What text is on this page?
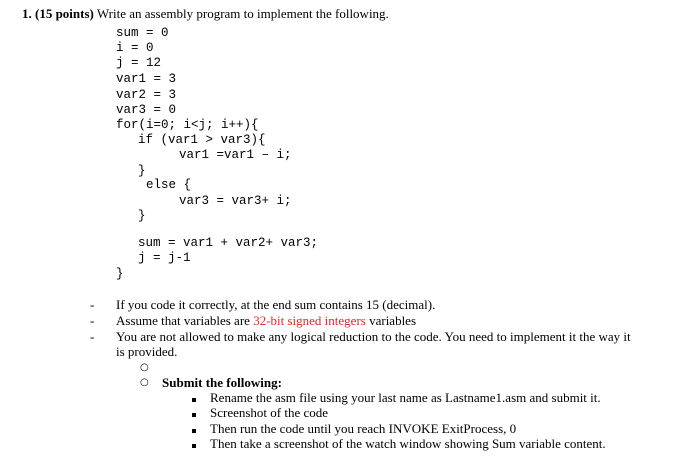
1. (15 points) Write an assembly program to implement the following.
sum = 0
i = 0
j = 12
var1 = 3
var2 = 3
var3 = 0
for(i=0; i<j; i++){
if (var1 > var3){
var1 =var1 – i;
}
else {
var3 = var3+ i;
}
sum = var1 + var2+ var3;
j = j-1
}
- If you code it correctly, at the end sum contains 15 (decimal).
- Assume that variables are 32-bit signed integers variables
- You are not allowed to make any logical reduction to the code. You need to implement it the way it
is provided.
○
○ Submit the following:
Rename the asm file using your last name as Lastname1.asm and submit it.
Screenshot of the code
Then run the code until you reach INVOKE ExitProcess, 0
Then take a screenshot of the watch window showing Sum variable content.
